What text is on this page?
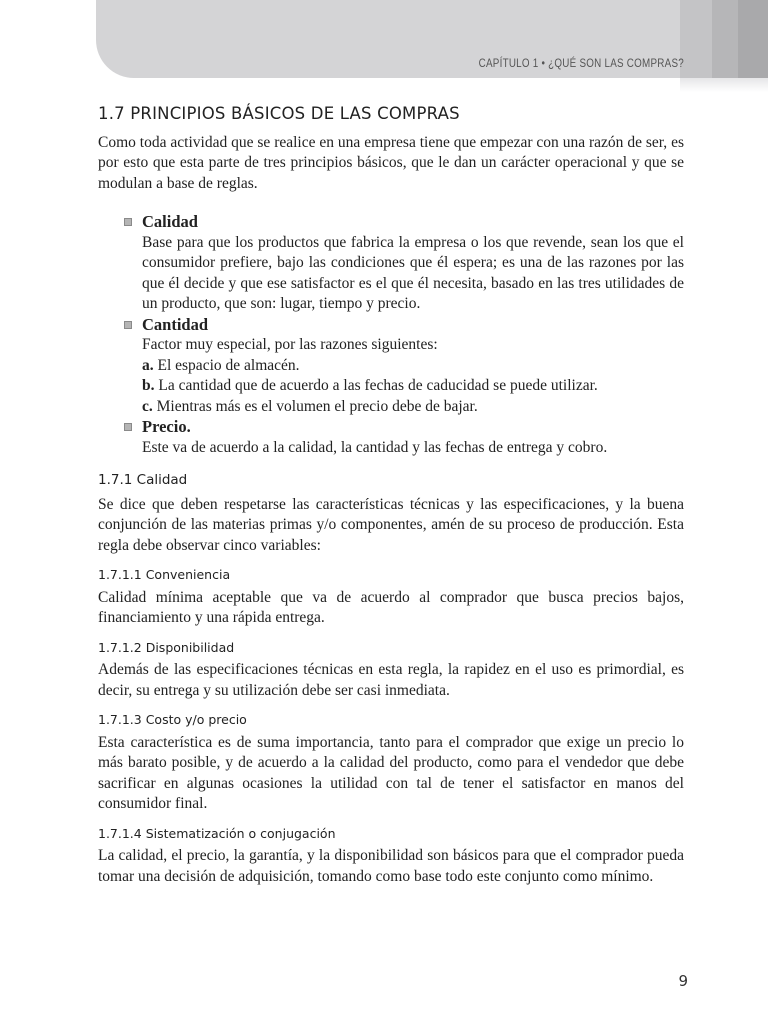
CAPÍTULO 1 • ¿QUÉ SON LAS COMPRAS?
1.7 PRINCIPIOS BÁSICOS DE LAS COMPRAS

Como toda actividad que se realice en una empresa tiene que empezar con una razón de ser, es por esto que esta parte de tres principios básicos, que le dan un carácter operacional y que se modulan a base de reglas.

Calidad

Base para que los productos que fabrica la empresa o los que revende, sean los que el consumidor prefiere, bajo las condiciones que él espera; es una de las razones por las que él decide y que ese satisfactor es el que él necesita, basado en las tres utilidades de un producto, que son: lugar, tiempo y precio.

Cantidad

Factor muy especial, por las razones siguientes:

a. El espacio de almacén.
b. La cantidad que de acuerdo a las fechas de caducidad se puede utilizar.
c. Mientras más es el volumen el precio debe de bajar.
Precio.

Este va de acuerdo a la calidad, la cantidad y las fechas de entrega y cobro.

1.7.1 Calidad

Se dice que deben respetarse las características técnicas y las especificaciones, y la buena conjunción de las materias primas y/o componentes, amén de su proceso de producción. Esta regla debe observar cinco variables:

1.7.1.1 Conveniencia

Calidad mínima aceptable que va de acuerdo al comprador que busca precios bajos, financiamiento y una rápida entrega.

1.7.1.2 Disponibilidad

Además de las especificaciones técnicas en esta regla, la rapidez en el uso es primordial, es decir, su entrega y su utilización debe ser casi inmediata.

1.7.1.3 Costo y/o precio

Esta característica es de suma importancia, tanto para el comprador que exige un precio lo más barato posible, y de acuerdo a la calidad del producto, como para el vendedor que debe sacrificar en algunas ocasiones la utilidad con tal de tener el satisfactor en manos del consumidor final.

1.7.1.4 Sistematización o conjugación

La calidad, el precio, la garantía, y la disponibilidad son básicos para que el comprador pueda tomar una decisión de adquisición, tomando como base todo este conjunto como mínimo.

9
